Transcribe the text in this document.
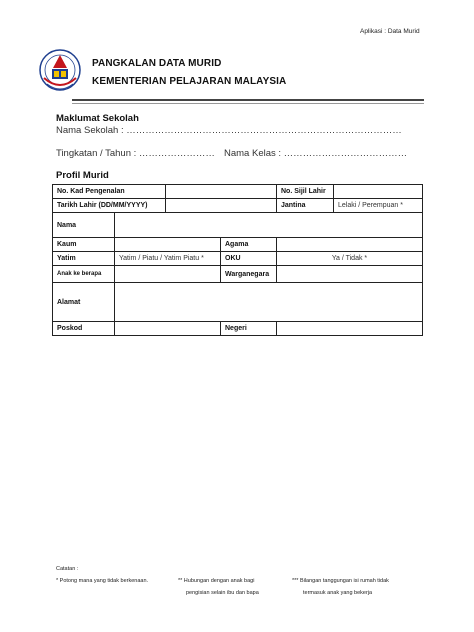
Aplikasi : Data Murid
PANGKALAN DATA MURID
KEMENTERIAN PELAJARAN MALAYSIA
Maklumat Sekolah
Nama Sekolah : ……………………………………………………………………………
Tingkatan / Tahun : …………………… Nama Kelas : …………………………………
Profil Murid
No. Kad Pengenalan				No. Sijil Lahir	
Tarikh Lahir (DD/MM/YYYY)				Jantina	Lelaki / Perempuan *
Nama					
Kaum			Agama		
Yatim	Yatim / Piatu / Yatim Piatu *		OKU	Ya / Tidak *	
Anak ke berapa			Warganegara		
Alamat					
Poskod			Negeri		
Catatan :
* Potong mana yang tidak berkenaan.	** Hubungan dengan anak bagi
pengisian selain ibu dan bapa
*** Bilangan tanggungan isi rumah tidak
termasuk anak yang bekerja
